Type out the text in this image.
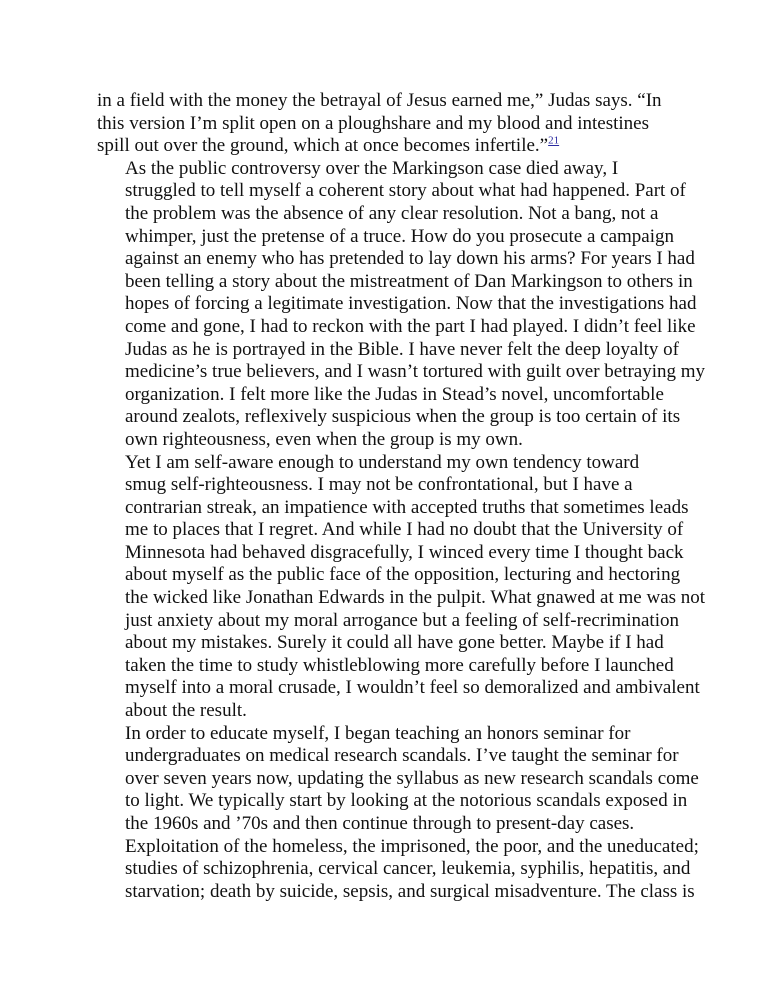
in a field with the money the betrayal of Jesus earned me,” Judas says. “In
this version I’m split open on a ploughshare and my blood and intestines
spill out over the ground, which at once becomes infertile.”$^{21}$

As the public controversy over the Markingson case died away, I
struggled to tell myself a coherent story about what had happened. Part of
the problem was the absence of any clear resolution. Not a bang, not a
whimper, just the pretense of a truce. How do you prosecute a campaign
against an enemy who has pretended to lay down his arms? For years I had
been telling a story about the mistreatment of Dan Markingson to others in
hopes of forcing a legitimate investigation. Now that the investigations had
come and gone, I had to reckon with the part I had played. I didn’t feel like
Judas as he is portrayed in the Bible. I have never felt the deep loyalty of
medicine’s true believers, and I wasn’t tortured with guilt over betraying my
organization. I felt more like the Judas in Stead’s novel, uncomfortable
around zealots, reflexively suspicious when the group is too certain of its
own righteousness, even when the group is my own.

Yet I am self-aware enough to understand my own tendency toward
smug self-righteousness. I may not be confrontational, but I have a
contrarian streak, an impatience with accepted truths that sometimes leads
me to places that I regret. And while I had no doubt that the University of
Minnesota had behaved disgracefully, I winced every time I thought back
about myself as the public face of the opposition, lecturing and hectoring
the wicked like Jonathan Edwards in the pulpit. What gnawed at me was not
just anxiety about my moral arrogance but a feeling of self-recrimination
about my mistakes. Surely it could all have gone better. Maybe if I had
taken the time to study whistleblowing more carefully before I launched
myself into a moral crusade, I wouldn’t feel so demoralized and ambivalent
about the result.

In order to educate myself, I began teaching an honors seminar for
undergraduates on medical research scandals. I’ve taught the seminar for
over seven years now, updating the syllabus as new research scandals come
to light. We typically start by looking at the notorious scandals exposed in
the 1960s and ’70s and then continue through to present-day cases.
Exploitation of the homeless, the imprisoned, the poor, and the uneducated;
studies of schizophrenia, cervical cancer, leukemia, syphilis, hepatitis, and
starvation; death by suicide, sepsis, and surgical misadventure. The class is
